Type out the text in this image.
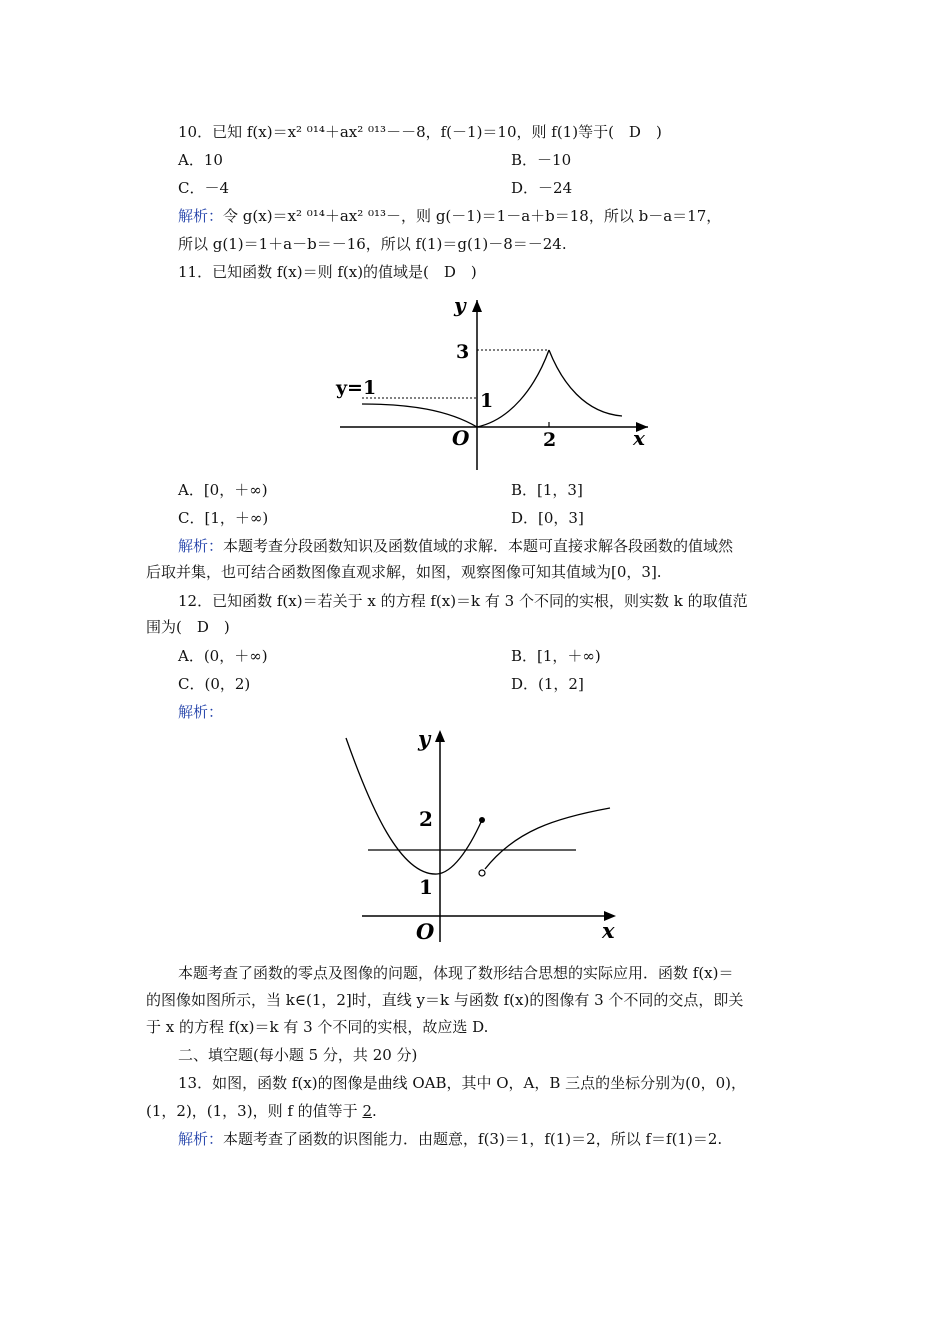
10．已知 f(x)＝x² ⁰¹⁴＋ax² ⁰¹³－－8，f(－1)＝10，则 f(1)等于(　D　)
A．10	B．－10
C．－4	D．－24
解析：令 g(x)＝x² ⁰¹⁴＋ax² ⁰¹³－，则 g(－1)＝1－a＋b＝18，所以 b－a＝17，
所以 g(1)＝1＋a－b＝－16，所以 f(1)＝g(1)－8＝－24.
11．已知函数 f(x)＝则 f(x)的值域是(　D　)
y
3
y=1
1
O	2	x
A．[0，＋∞)	B．[1，3]
C．[1，＋∞)	D．[0，3]
解析：本题考查分段函数知识及函数值域的求解．本题可直接求解各段函数的值域然
后取并集，也可结合函数图像直观求解，如图，观察图像可知其值域为[0，3].
12．已知函数 f(x)＝若关于 x 的方程 f(x)＝k 有 3 个不同的实根，则实数 k 的取值范
围为(　D　)
A．(0，＋∞)	B．[1，＋∞)
C．(0，2)	D．(1，2]
解析：
y
2
1
O	x
本题考查了函数的零点及图像的问题，体现了数形结合思想的实际应用．函数 f(x)＝
的图像如图所示，当 k∈(1，2]时，直线 y＝k 与函数 f(x)的图像有 3 个不同的交点，即关
于 x 的方程 f(x)＝k 有 3 个不同的实根，故应选 D.
二、填空题(每小题 5 分，共 20 分)
13．如图，函数 f(x)的图像是曲线 OAB，其中 O，A，B 三点的坐标分别为(0，0)，
(1，2)，(1，3)，则 f 的值等于 2.
解析：本题考查了函数的识图能力．由题意，f(3)＝1，f(1)＝2，所以 f＝f(1)＝2.
